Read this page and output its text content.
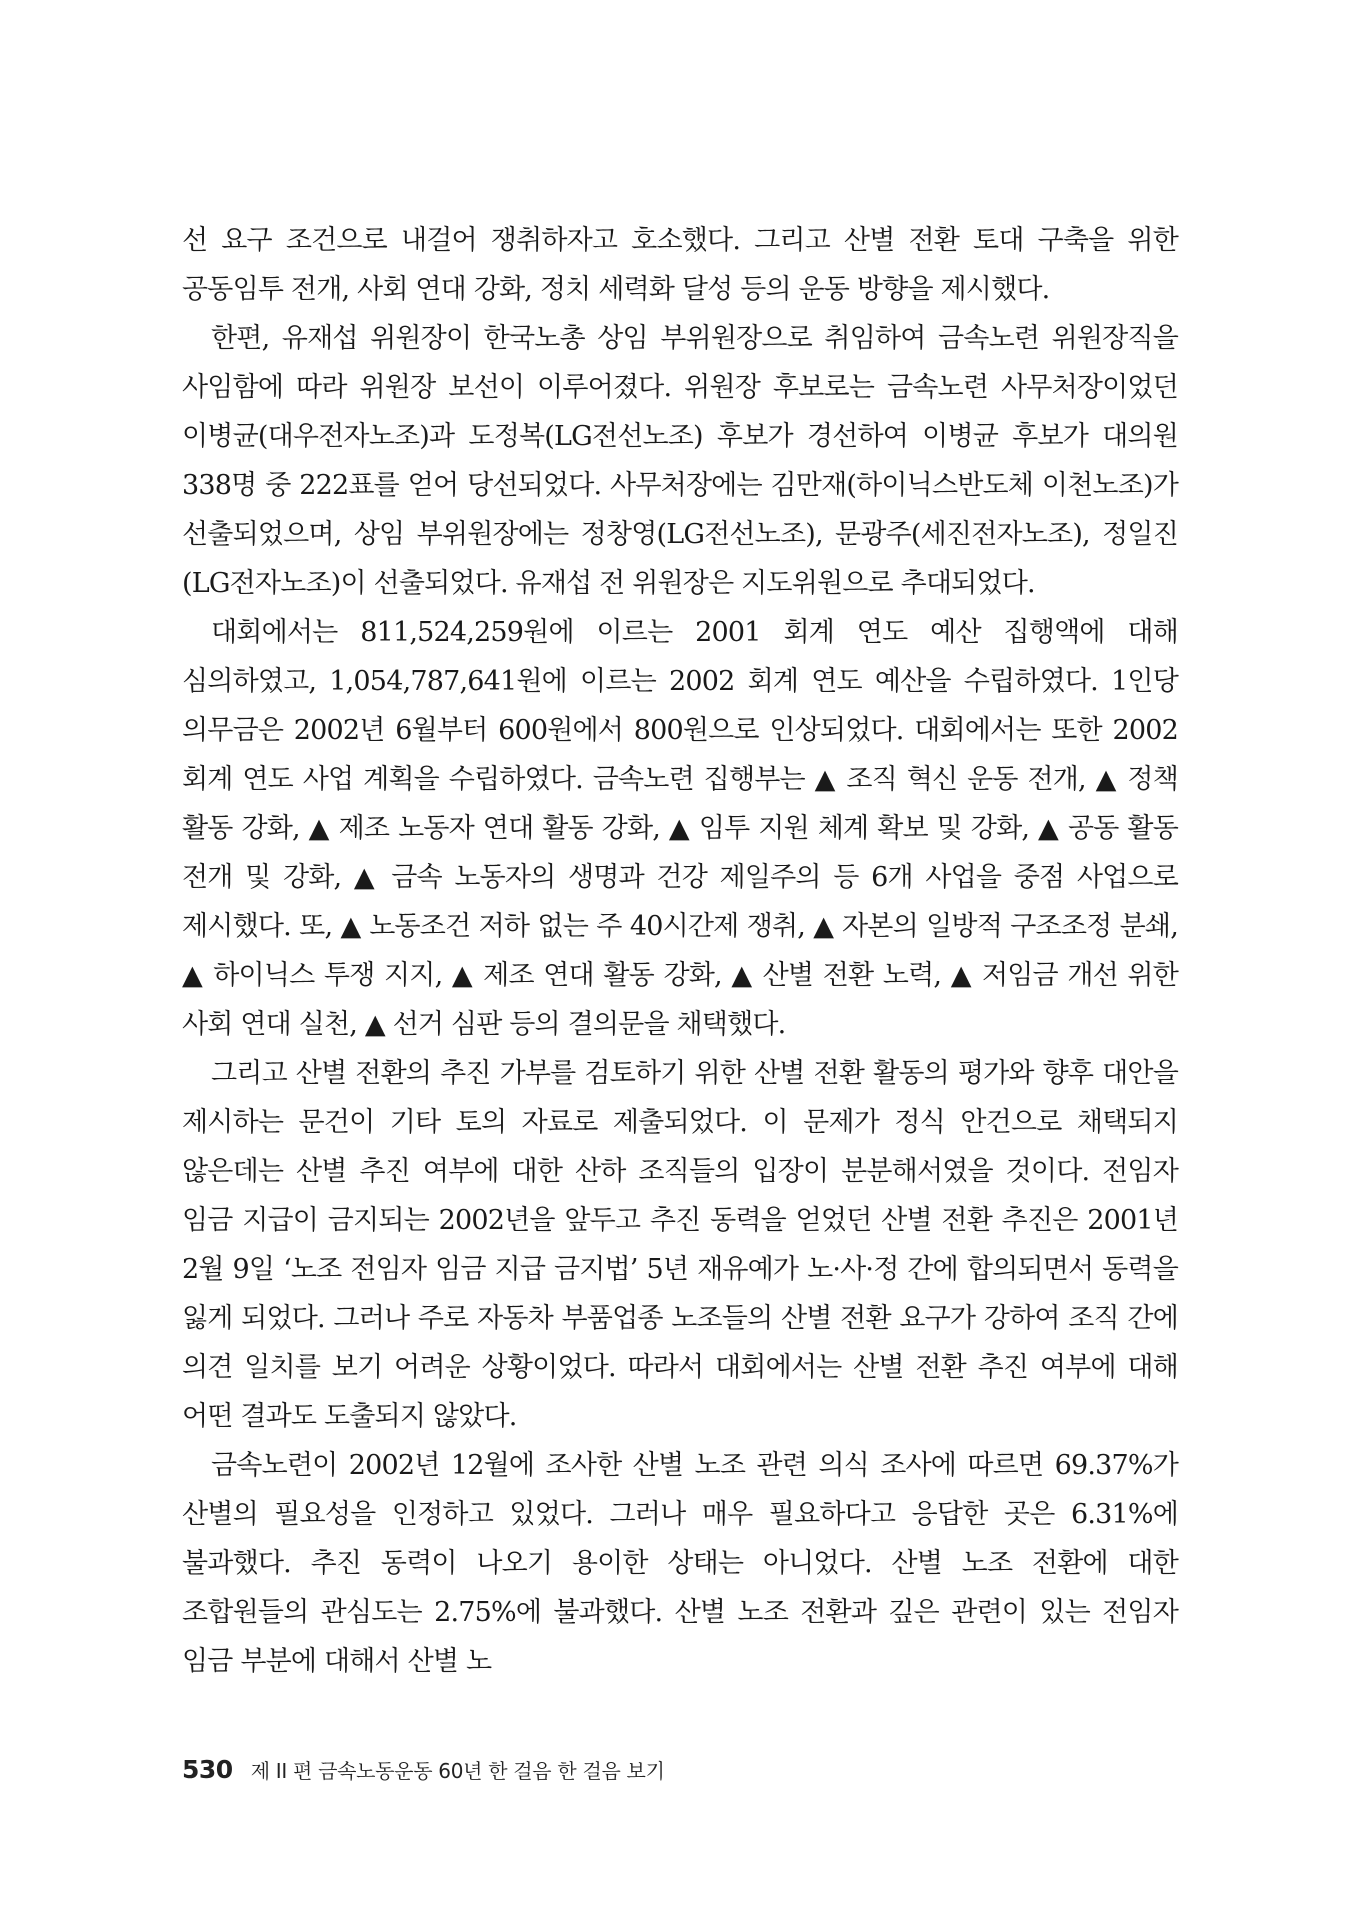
선 요구 조건으로 내걸어 쟁취하자고 호소했다. 그리고 산별 전환 토대 구축을 위한 공동임투 전개, 사회 연대 강화, 정치 세력화 달성 등의 운동 방향을 제시했다.

한편, 유재섭 위원장이 한국노총 상임 부위원장으로 취임하여 금속노련 위원장직을 사임함에 따라 위원장 보선이 이루어졌다. 위원장 후보로는 금속노련 사무처장이었던 이병균(대우전자노조)과 도정복(LG전선노조) 후보가 경선하여 이병균 후보가 대의원 338명 중 222표를 얻어 당선되었다. 사무처장에는 김만재(하이닉스반도체 이천노조)가 선출되었으며, 상임 부위원장에는 정창영(LG전선노조), 문광주(세진전자노조), 정일진(LG전자노조)이 선출되었다. 유재섭 전 위원장은 지도위원으로 추대되었다.

대회에서는 811,524,259원에 이르는 2001 회계 연도 예산 집행액에 대해 심의하였고, 1,054,787,641원에 이르는 2002 회계 연도 예산을 수립하였다. 1인당 의무금은 2002년 6월부터 600원에서 800원으로 인상되었다. 대회에서는 또한 2002 회계 연도 사업 계획을 수립하였다. 금속노련 집행부는 ▲ 조직 혁신 운동 전개, ▲ 정책 활동 강화, ▲ 제조 노동자 연대 활동 강화, ▲ 임투 지원 체계 확보 및 강화, ▲ 공동 활동 전개 및 강화, ▲ 금속 노동자의 생명과 건강 제일주의 등 6개 사업을 중점 사업으로 제시했다. 또, ▲ 노동조건 저하 없는 주 40시간제 쟁취, ▲ 자본의 일방적 구조조정 분쇄, ▲ 하이닉스 투쟁 지지, ▲ 제조 연대 활동 강화, ▲ 산별 전환 노력, ▲ 저임금 개선 위한 사회 연대 실천, ▲ 선거 심판 등의 결의문을 채택했다.

그리고 산별 전환의 추진 가부를 검토하기 위한 산별 전환 활동의 평가와 향후 대안을 제시하는 문건이 기타 토의 자료로 제출되었다. 이 문제가 정식 안건으로 채택되지 않은데는 산별 추진 여부에 대한 산하 조직들의 입장이 분분해서였을 것이다. 전임자 임금 지급이 금지되는 2002년을 앞두고 추진 동력을 얻었던 산별 전환 추진은 2001년 2월 9일 ‘노조 전임자 임금 지급 금지법’ 5년 재유예가 노·사·정 간에 합의되면서 동력을 잃게 되었다. 그러나 주로 자동차 부품업종 노조들의 산별 전환 요구가 강하여 조직 간에 의견 일치를 보기 어려운 상황이었다. 따라서 대회에서는 산별 전환 추진 여부에 대해 어떤 결과도 도출되지 않았다.

금속노련이 2002년 12월에 조사한 산별 노조 관련 의식 조사에 따르면 69.37%가 산별의 필요성을 인정하고 있었다. 그러나 매우 필요하다고 응답한 곳은 6.31%에 불과했다. 추진 동력이 나오기 용이한 상태는 아니었다. 산별 노조 전환에 대한 조합원들의 관심도는 2.75%에 불과했다. 산별 노조 전환과 깊은 관련이 있는 전임자 임금 부분에 대해서 산별 노

530 제 II 편 금속노동운동 60년 한 걸음 한 걸음 보기
